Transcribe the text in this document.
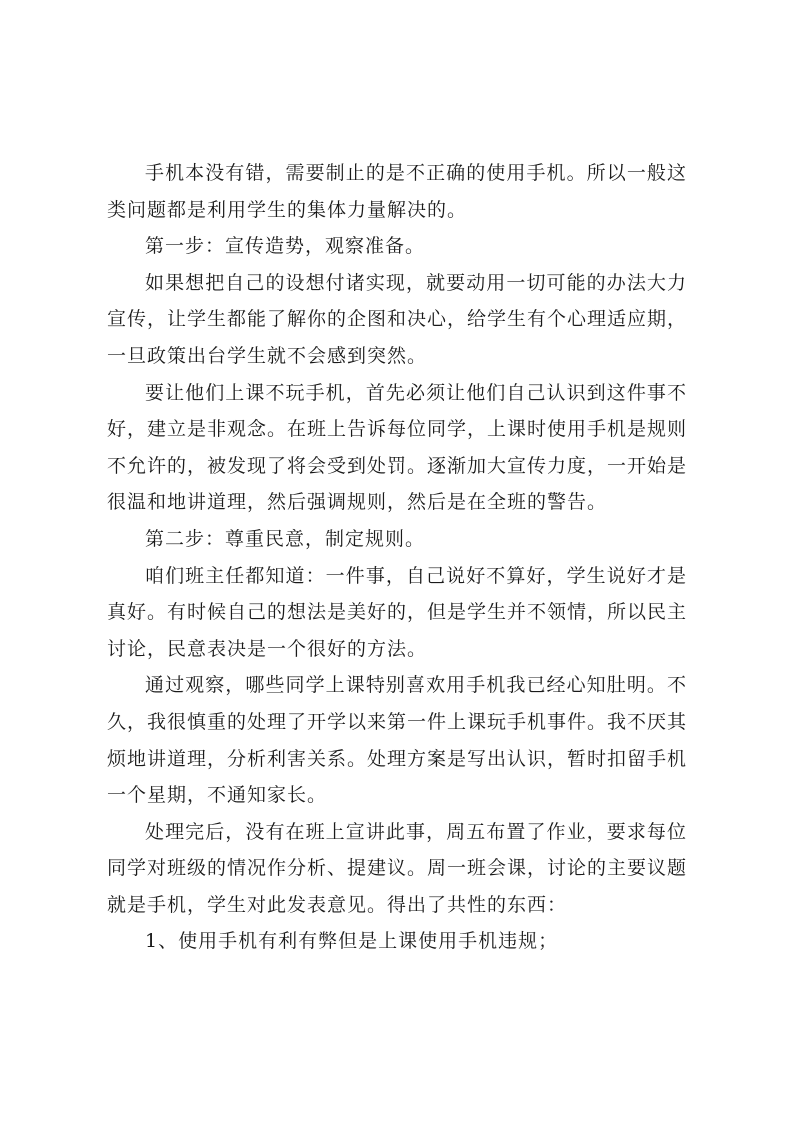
手机本没有错，需要制止的是不正确的使用手机。所以一般这类问题都是利用学生的集体力量解决的。

第一步：宣传造势，观察准备。

如果想把自己的设想付诸实现，就要动用一切可能的办法大力宣传，让学生都能了解你的企图和决心，给学生有个心理适应期，一旦政策出台学生就不会感到突然。

要让他们上课不玩手机，首先必须让他们自己认识到这件事不好，建立是非观念。在班上告诉每位同学，上课时使用手机是规则不允许的，被发现了将会受到处罚。逐渐加大宣传力度，一开始是很温和地讲道理，然后强调规则，然后是在全班的警告。

第二步：尊重民意，制定规则。

咱们班主任都知道：一件事，自己说好不算好，学生说好才是真好。有时候自己的想法是美好的，但是学生并不领情，所以民主讨论，民意表决是一个很好的方法。

通过观察，哪些同学上课特别喜欢用手机我已经心知肚明。不久，我很慎重的处理了开学以来第一件上课玩手机事件。我不厌其烦地讲道理，分析利害关系。处理方案是写出认识，暂时扣留手机一个星期，不通知家长。

处理完后，没有在班上宣讲此事，周五布置了作业，要求每位同学对班级的情况作分析、提建议。周一班会课，讨论的主要议题就是手机，学生对此发表意见。得出了共性的东西：

1、使用手机有利有弊但是上课使用手机违规；
